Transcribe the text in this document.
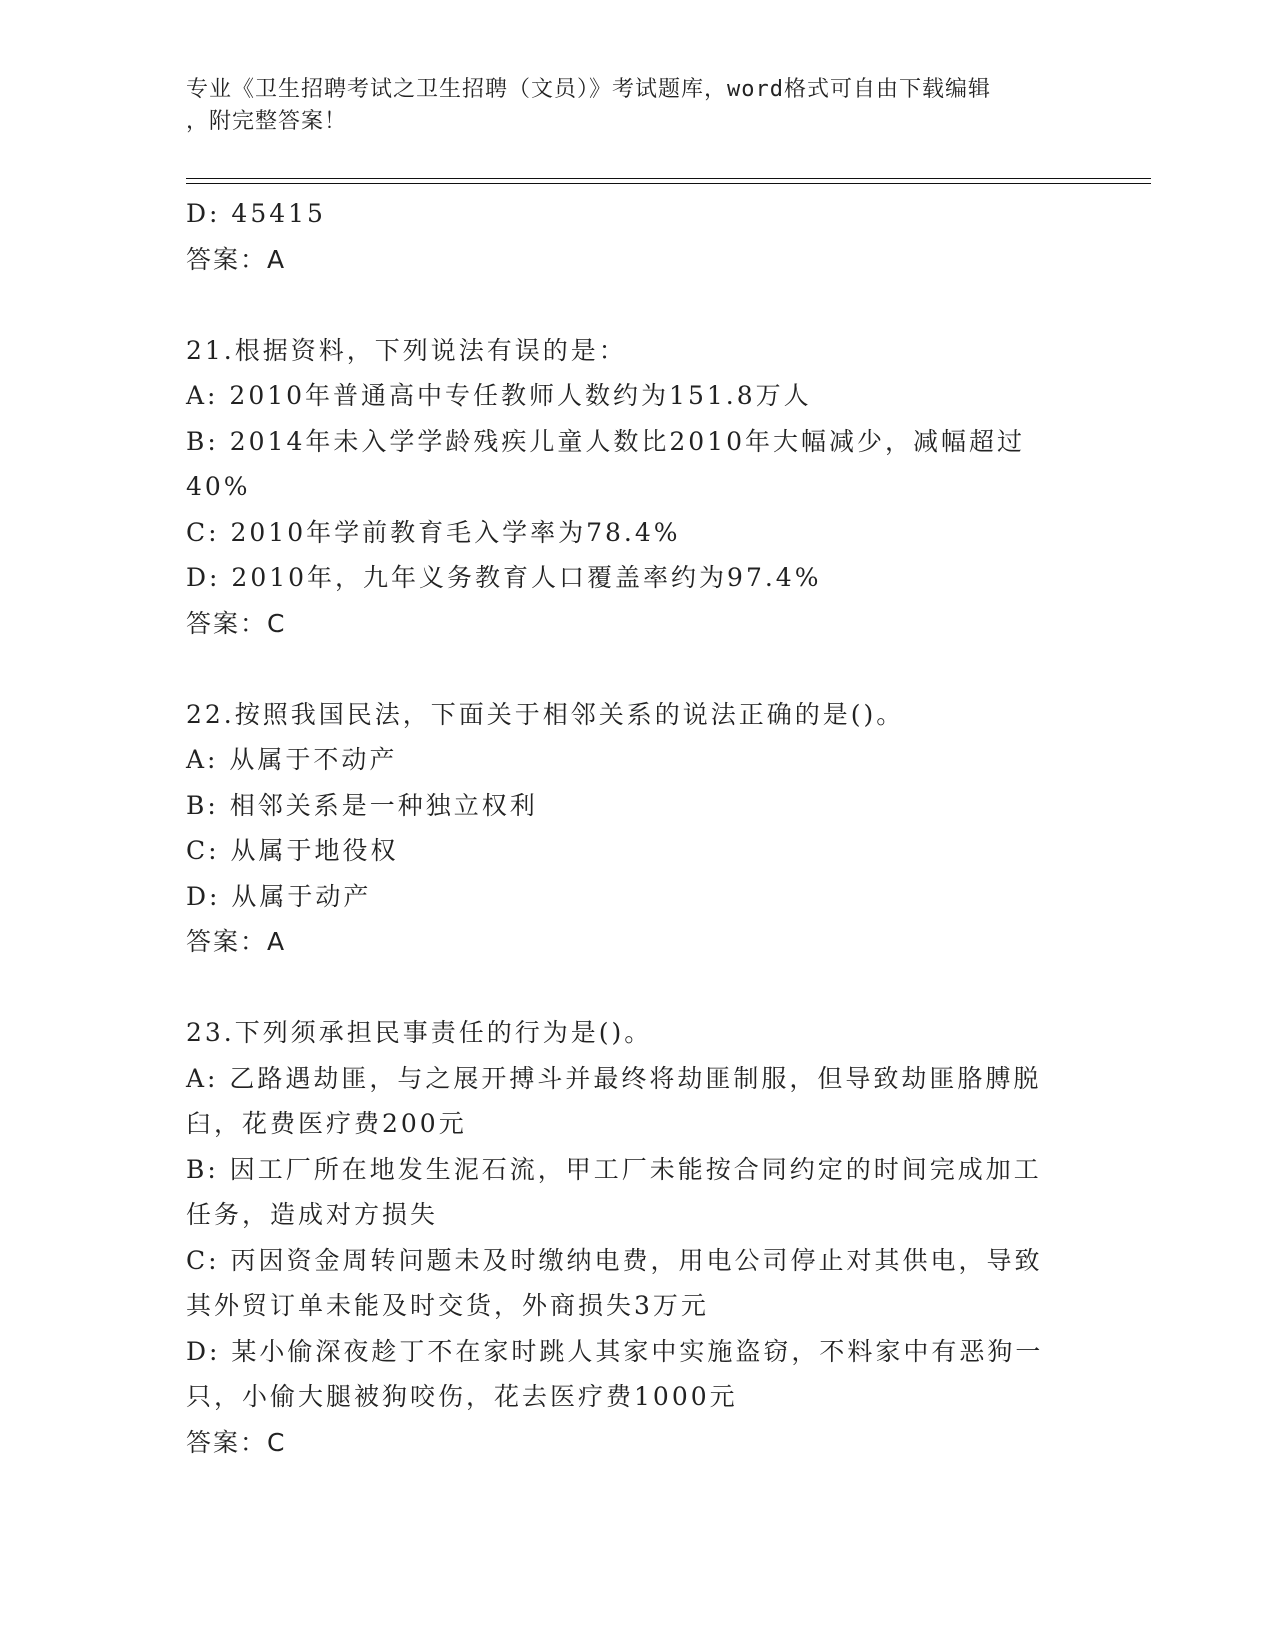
专业《卫生招聘考试之卫生招聘（文员）》考试题库，word格式可自由下载编辑
，附完整答案！
D: 45415
答案：A
21.根据资料，下列说法有误的是：
A: 2010年普通高中专任教师人数约为151.8万人
B: 2014年未入学学龄残疾儿童人数比2010年大幅减少，减幅超过
40%
C: 2010年学前教育毛入学率为78.4%
D: 2010年，九年义务教育人口覆盖率约为97.4%
答案：C
22.按照我国民法，下面关于相邻关系的说法正确的是()。
A: 从属于不动产
B: 相邻关系是一种独立权利
C: 从属于地役权
D: 从属于动产
答案：A
23.下列须承担民事责任的行为是()。
A: 乙路遇劫匪，与之展开搏斗并最终将劫匪制服，但导致劫匪胳膊脱
臼，花费医疗费200元
B: 因工厂所在地发生泥石流，甲工厂未能按合同约定的时间完成加工
任务，造成对方损失
C: 丙因资金周转问题未及时缴纳电费，用电公司停止对其供电，导致
其外贸订单未能及时交货，外商损失3万元
D: 某小偷深夜趁丁不在家时跳人其家中实施盗窃，不料家中有恶狗一
只，小偷大腿被狗咬伤，花去医疗费1000元
答案：C
